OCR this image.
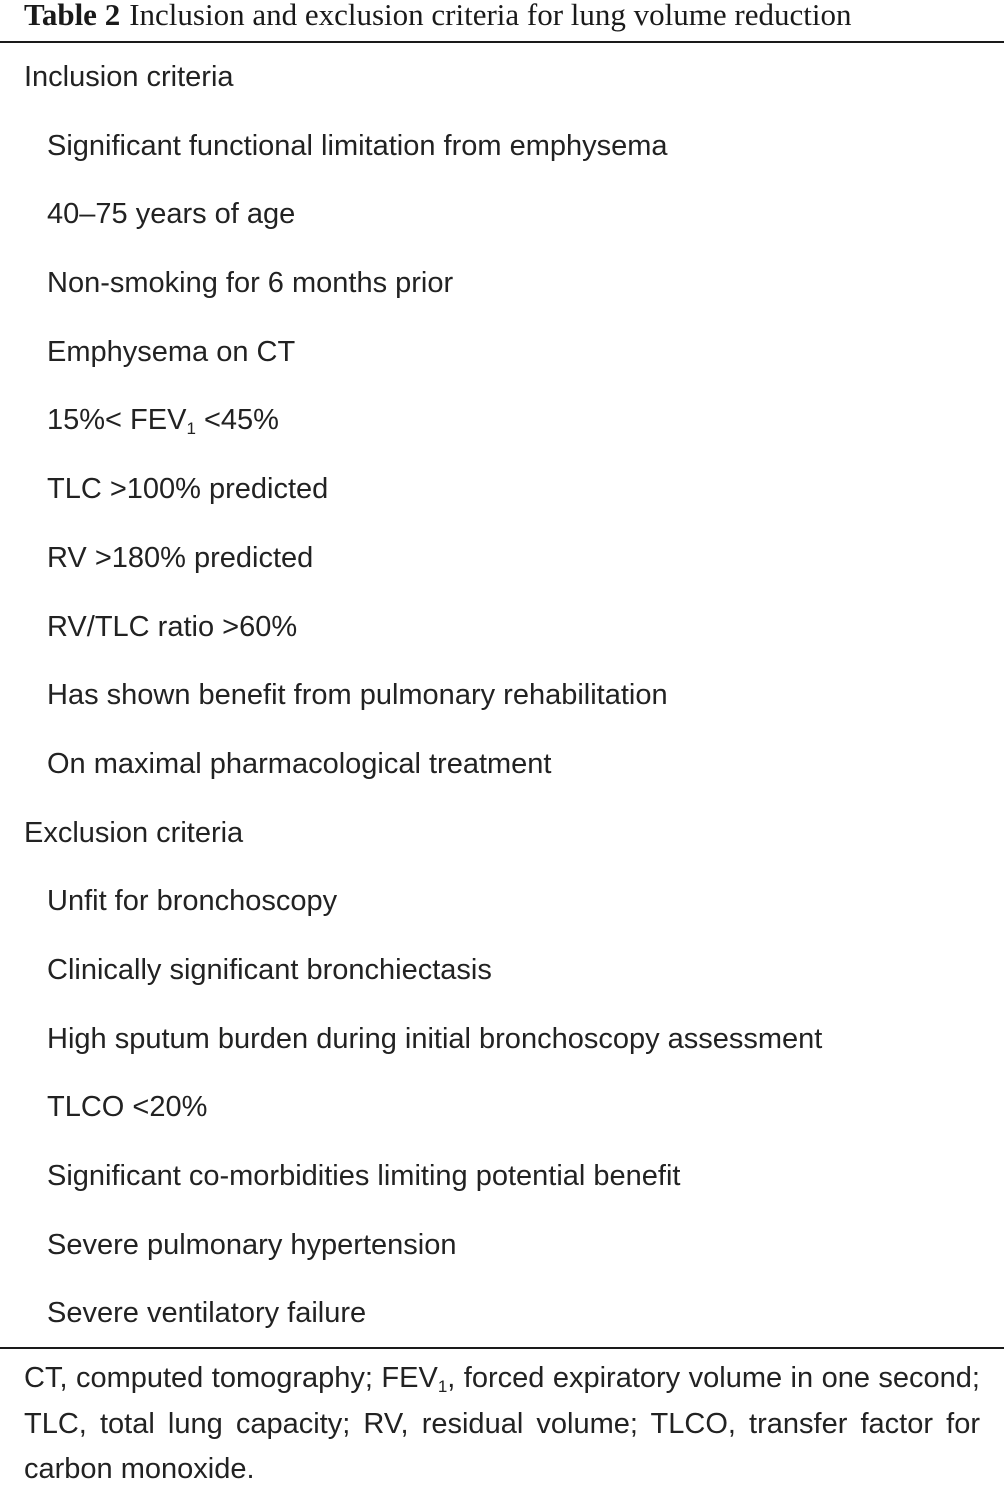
Table 2 Inclusion and exclusion criteria for lung volume reduction
Inclusion criteria
Significant functional limitation from emphysema
40–75 years of age
Non-smoking for 6 months prior
Emphysema on CT
$15\%< FEV_1 <45\%$
TLC >100% predicted
RV >180% predicted
RV/TLC ratio >60%
Has shown benefit from pulmonary rehabilitation
On maximal pharmacological treatment
Exclusion criteria
Unfit for bronchoscopy
Clinically significant bronchiectasis
High sputum burden during initial bronchoscopy assessment
TLCO <20%
Significant co-morbidities limiting potential benefit
Severe pulmonary hypertension
Severe ventilatory failure

CT, computed tomography; $FEV_1$, forced expiratory volume in one second; TLC, total lung capacity; RV, residual volume; TLCO, transfer factor for carbon monoxide.
